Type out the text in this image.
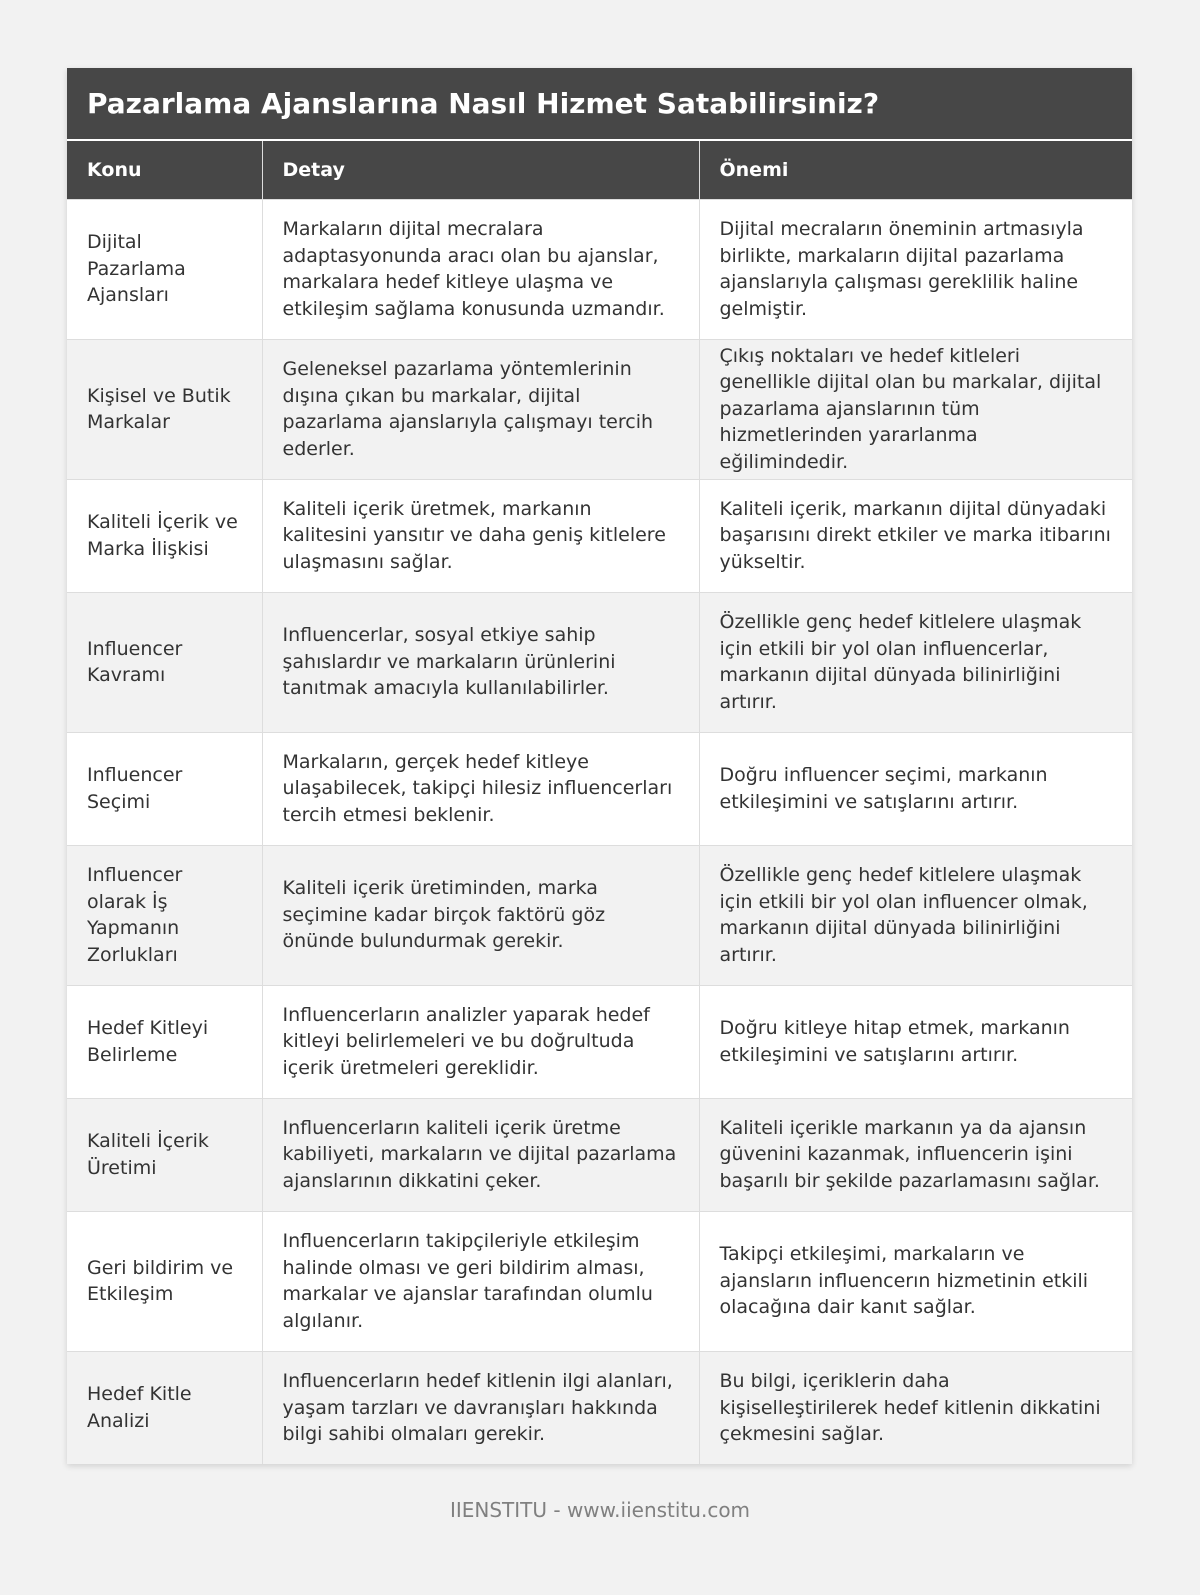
Pazarlama Ajanslarına Nasıl Hizmet Satabilirsiniz?
Konu	Detay	Önemi
Dijital Pazarlama Ajansları	Markaların dijital mecralara adaptasyonunda aracı olan bu ajanslar, markalara hedef kitleye ulaşma ve etkileşim sağlama konusunda uzmandır.	Dijital mecraların öneminin artmasıyla birlikte, markaların dijital pazarlama ajanslarıyla çalışması gereklilik haline gelmiştir.
Kişisel ve Butik Markalar	Geleneksel pazarlama yöntemlerinin dışına çıkan bu markalar, dijital pazarlama ajanslarıyla çalışmayı tercih ederler.	Çıkış noktaları ve hedef kitleleri genellikle dijital olan bu markalar, dijital pazarlama ajanslarının tüm hizmetlerinden yararlanma eğilimindedir.
Kaliteli İçerik ve Marka İlişkisi	Kaliteli içerik üretmek, markanın kalitesini yansıtır ve daha geniş kitlelere ulaşmasını sağlar.	Kaliteli içerik, markanın dijital dünyadaki başarısını direkt etkiler ve marka itibarını yükseltir.
Influencer Kavramı	Influencerlar, sosyal etkiye sahip şahıslardır ve markaların ürünlerini tanıtmak amacıyla kullanılabilirler.	Özellikle genç hedef kitlelere ulaşmak için etkili bir yol olan influencerlar, markanın dijital dünyada bilinirliğini artırır.
Influencer Seçimi	Markaların, gerçek hedef kitleye ulaşabilecek, takipçi hilesiz influencerları tercih etmesi beklenir.	Doğru influencer seçimi, markanın etkileşimini ve satışlarını artırır.
Influencer olarak İş Yapmanın Zorlukları	Kaliteli içerik üretiminden, marka seçimine kadar birçok faktörü göz önünde bulundurmak gerekir.	Özellikle genç hedef kitlelere ulaşmak için etkili bir yol olan influencer olmak, markanın dijital dünyada bilinirliğini artırır.
Hedef Kitleyi Belirleme	Influencerların analizler yaparak hedef kitleyi belirlemeleri ve bu doğrultuda içerik üretmeleri gereklidir.	Doğru kitleye hitap etmek, markanın etkileşimini ve satışlarını artırır.
Kaliteli İçerik Üretimi	Influencerların kaliteli içerik üretme kabiliyeti, markaların ve dijital pazarlama ajanslarının dikkatini çeker.	Kaliteli içerikle markanın ya da ajansın güvenini kazanmak, influencerin işini başarılı bir şekilde pazarlamasını sağlar.
Geri bildirim ve Etkileşim	Influencerların takipçileriyle etkileşim halinde olması ve geri bildirim alması, markalar ve ajanslar tarafından olumlu algılanır.	Takipçi etkileşimi, markaların ve ajansların influencerın hizmetinin etkili olacağına dair kanıt sağlar.
Hedef Kitle Analizi	Influencerların hedef kitlenin ilgi alanları, yaşam tarzları ve davranışları hakkında bilgi sahibi olmaları gerekir.	Bu bilgi, içeriklerin daha kişiselleştirilerek hedef kitlenin dikkatini çekmesini sağlar.
IIENSTITU - www.iienstitu.com
